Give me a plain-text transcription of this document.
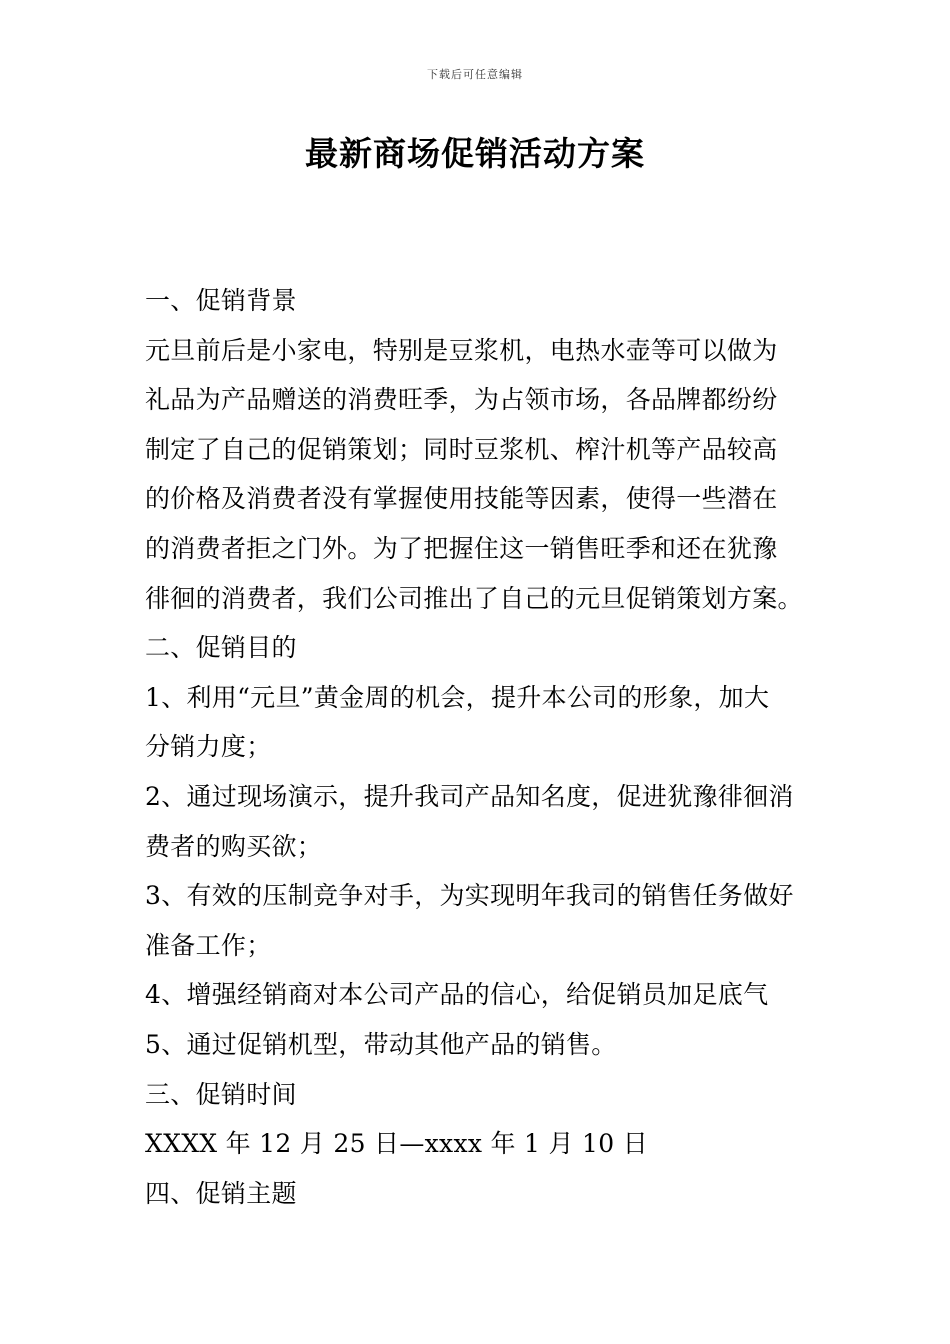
下载后可任意编辑
最新商场促销活动方案
一、促销背景
元旦前后是小家电，特别是豆浆机，电热水壶等可以做为
礼品为产品赠送的消费旺季，为占领市场，各品牌都纷纷
制定了自己的促销策划；同时豆浆机、榨汁机等产品较高
的价格及消费者没有掌握使用技能等因素，使得一些潜在
的消费者拒之门外。为了把握住这一销售旺季和还在犹豫
徘徊的消费者，我们公司推出了自己的元旦促销策划方案。
二、促销目的
1、利用“元旦”黄金周的机会，提升本公司的形象，加大
分销力度；
2、通过现场演示，提升我司产品知名度，促进犹豫徘徊消
费者的购买欲；
3、有效的压制竞争对手，为实现明年我司的销售任务做好
准备工作；
4、增强经销商对本公司产品的信心，给促销员加足底气
5、通过促销机型，带动其他产品的销售。
三、促销时间
XXXX 年 12 月 25 日—xxxx 年 1 月 10 日
四、促销主题
